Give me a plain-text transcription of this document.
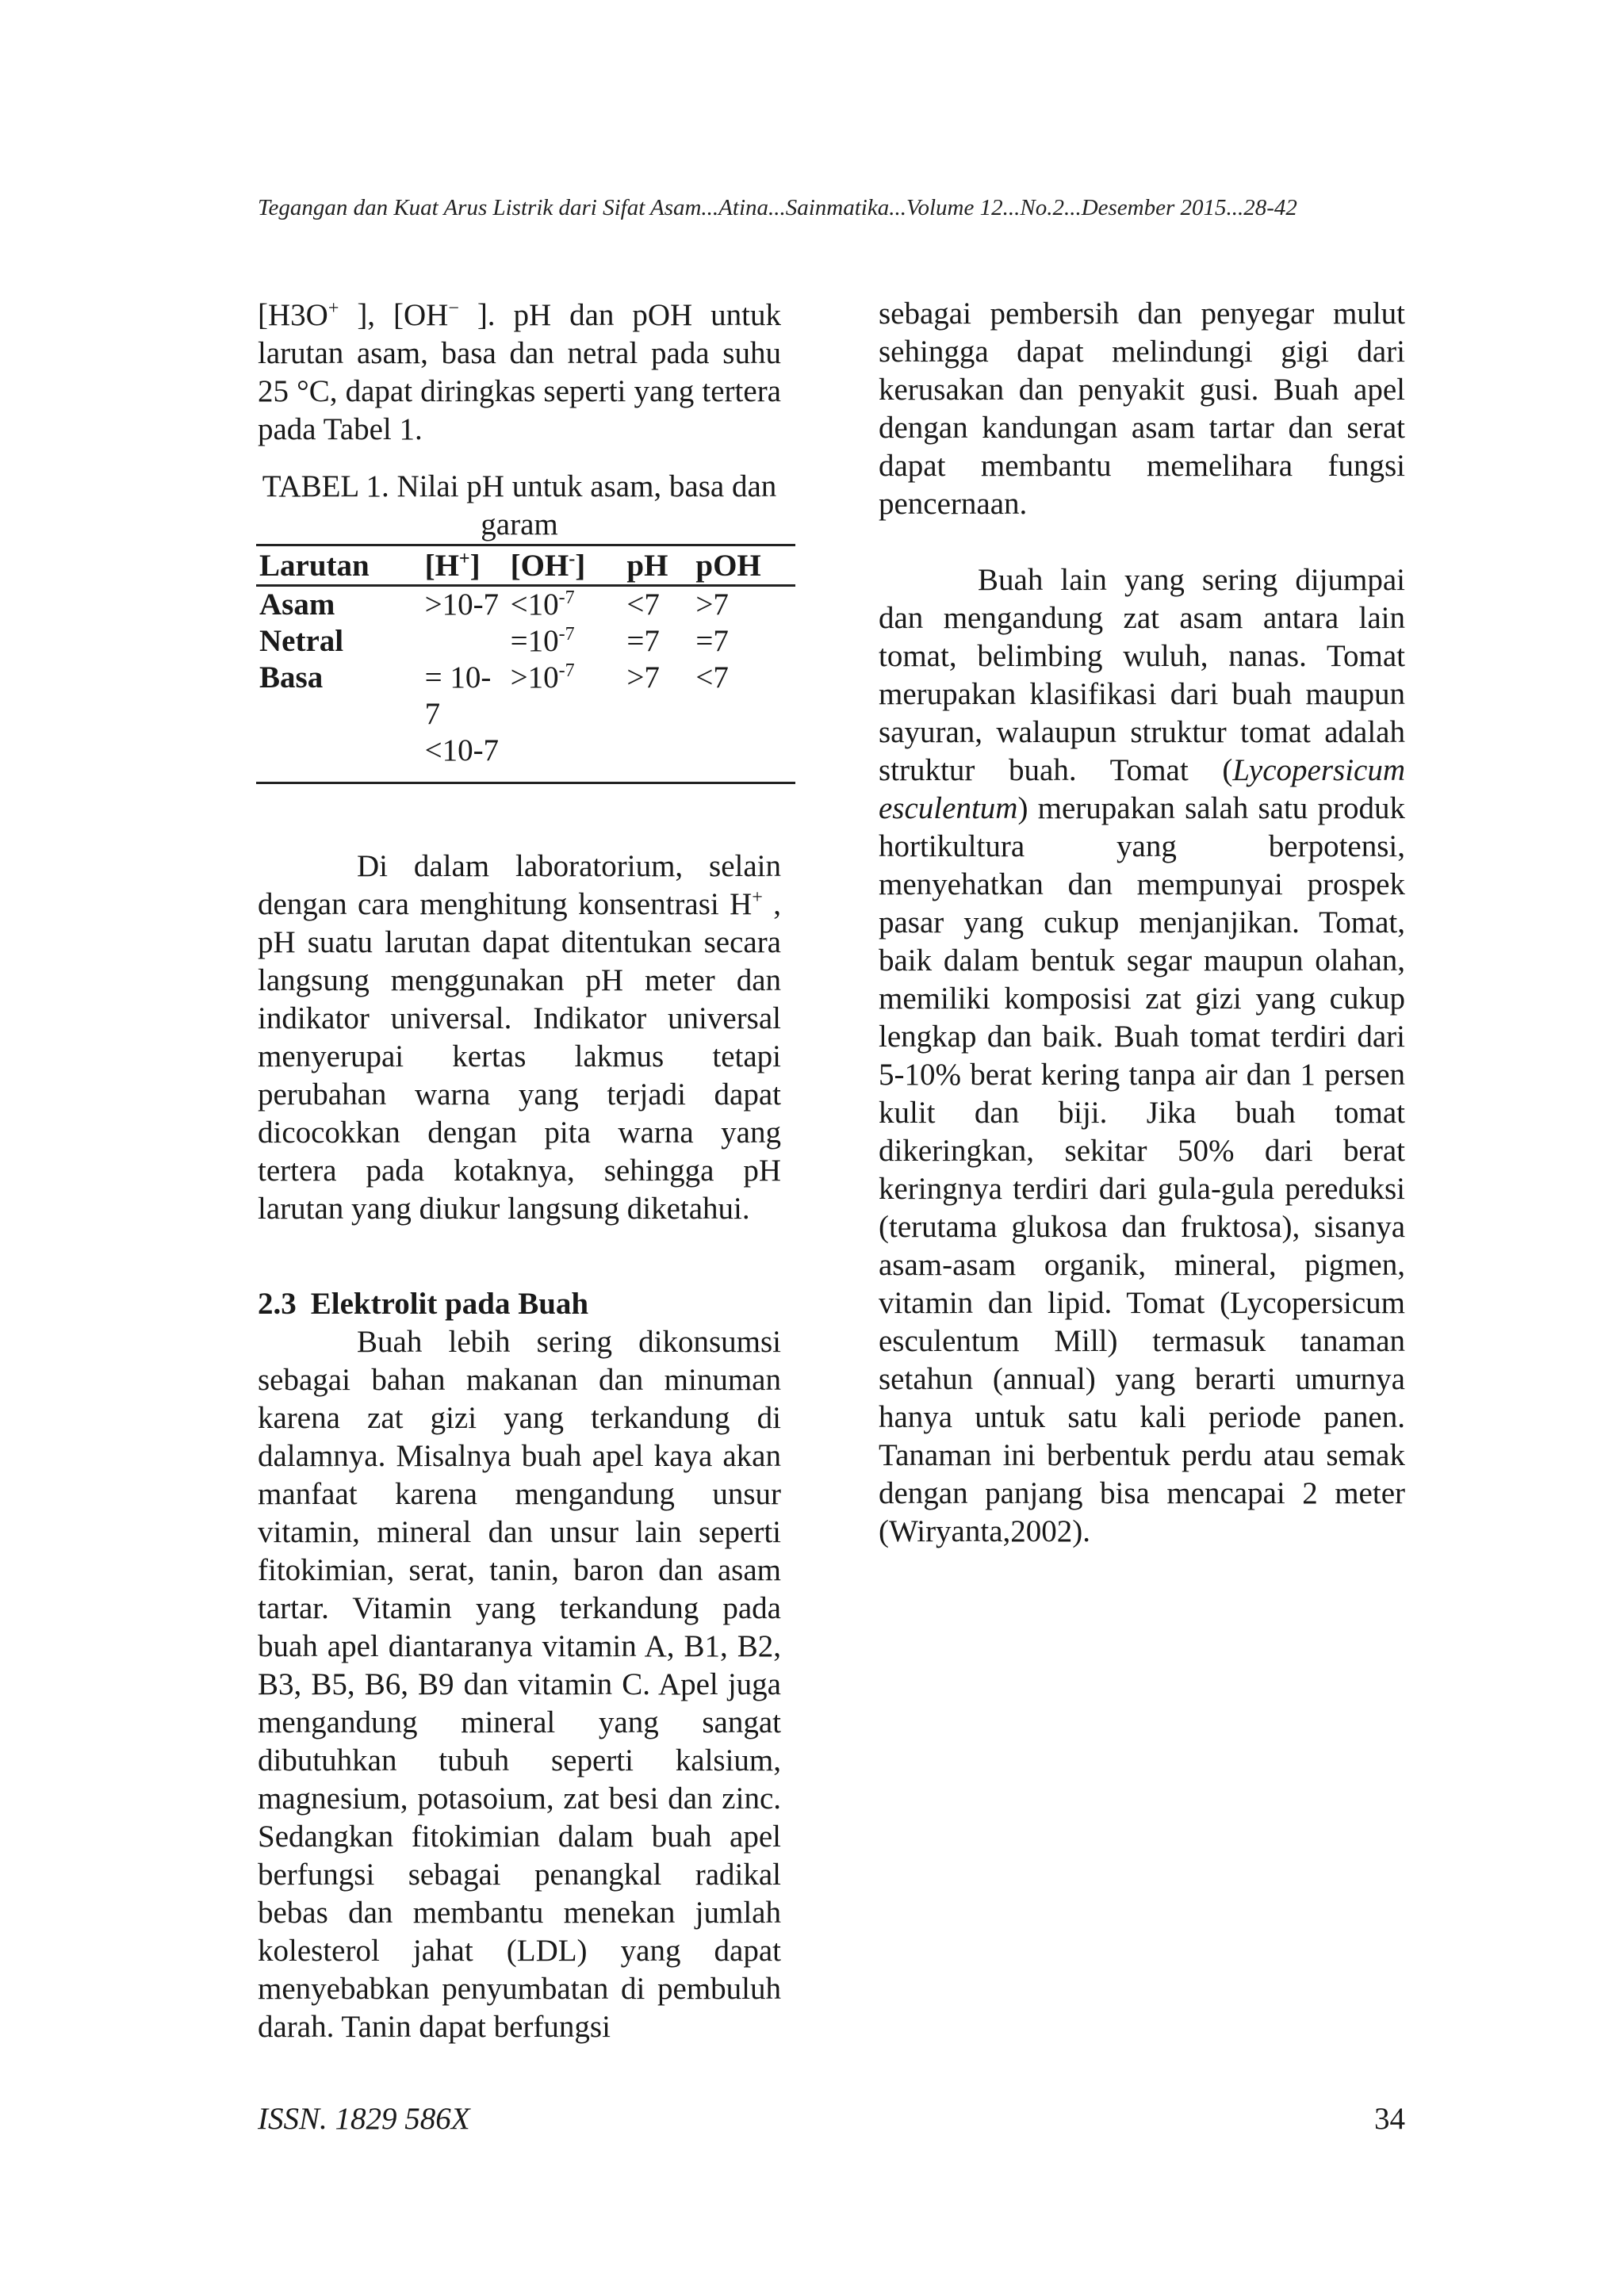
Tegangan dan Kuat Arus Listrik dari Sifat Asam...Atina...Sainmatika...Volume 12...No.2...Desember 2015...28-42

[H3O+ ], [OH− ]. pH dan pOH untuk larutan asam, basa dan netral pada suhu 25 °C, dapat diringkas seperti yang tertera pada Tabel 1.

TABEL 1. Nilai pH untuk asam, basa dan garam

Larutan	[H+]	[OH-]	pH	pOH
Asam	>10-7	$<10^{-7}$	<7	>7
Netral		$=10^{-7}$	=7	=7
Basa	= 10-7	$>10^{-7}$	>7	<7
	<10-7			

Di dalam laboratorium, selain dengan cara menghitung konsentrasi H+ , pH suatu larutan dapat ditentukan secara langsung menggunakan pH meter dan indikator universal. Indikator universal menyerupai kertas lakmus tetapi perubahan warna yang terjadi dapat dicocokkan dengan pita warna yang tertera pada kotaknya, sehingga pH larutan yang diukur langsung diketahui.

2.3 Elektrolit pada Buah

Buah lebih sering dikonsumsi sebagai bahan makanan dan minuman karena zat gizi yang terkandung di dalamnya. Misalnya buah apel kaya akan manfaat karena mengandung unsur vitamin, mineral dan unsur lain seperti fitokimian, serat, tanin, baron dan asam tartar. Vitamin yang terkandung pada buah apel diantaranya vitamin A, B1, B2, B3, B5, B6, B9 dan vitamin C. Apel juga mengandung mineral yang sangat dibutuhkan tubuh seperti kalsium, magnesium, potasoium, zat besi dan zinc. Sedangkan fitokimian dalam buah apel berfungsi sebagai penangkal radikal bebas dan membantu menekan jumlah kolesterol jahat (LDL) yang dapat menyebabkan penyumbatan di pembuluh darah. Tanin dapat berfungsi

sebagai pembersih dan penyegar mulut sehingga dapat melindungi gigi dari kerusakan dan penyakit gusi. Buah apel dengan kandungan asam tartar dan serat dapat membantu memelihara fungsi pencernaan.

Buah lain yang sering dijumpai dan mengandung zat asam antara lain tomat, belimbing wuluh, nanas. Tomat merupakan klasifikasi dari buah maupun sayuran, walaupun struktur tomat adalah struktur buah. Tomat (Lycopersicum esculentum) merupakan salah satu produk hortikultura yang berpotensi, menyehatkan dan mempunyai prospek pasar yang cukup menjanjikan. Tomat, baik dalam bentuk segar maupun olahan, memiliki komposisi zat gizi yang cukup lengkap dan baik. Buah tomat terdiri dari 5-10% berat kering tanpa air dan 1 persen kulit dan biji. Jika buah tomat dikeringkan, sekitar 50% dari berat keringnya terdiri dari gula-gula pereduksi (terutama glukosa dan fruktosa), sisanya asam-asam organik, mineral, pigmen, vitamin dan lipid. Tomat (Lycopersicum esculentum Mill) termasuk tanaman setahun (annual) yang berarti umurnya hanya untuk satu kali periode panen. Tanaman ini berbentuk perdu atau semak dengan panjang bisa mencapai 2 meter (Wiryanta,2002).

ISSN. 1829 586X	34
